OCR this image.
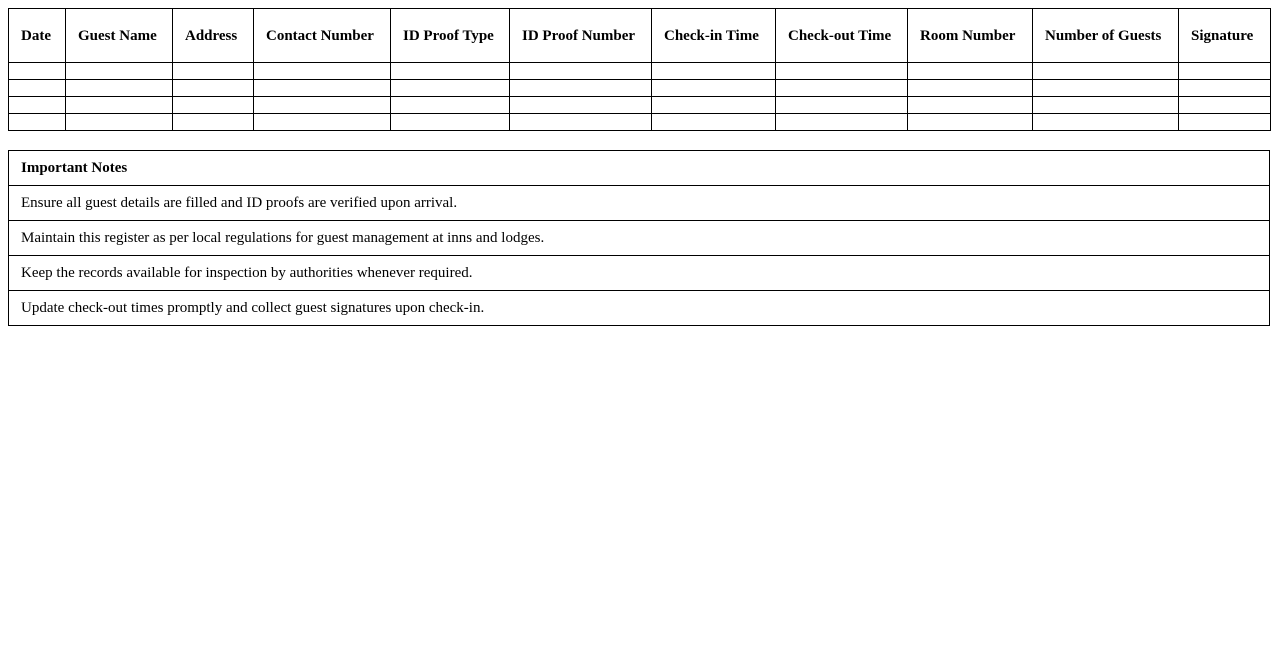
Date	Guest Name	Address	Contact Number	ID Proof Type	ID Proof Number	Check-in Time	Check-out Time	Room Number	Number of Guests	Signature

Important Notes
Ensure all guest details are filled and ID proofs are verified upon arrival.
Maintain this register as per local regulations for guest management at inns and lodges.
Keep the records available for inspection by authorities whenever required.
Update check-out times promptly and collect guest signatures upon check-in.
